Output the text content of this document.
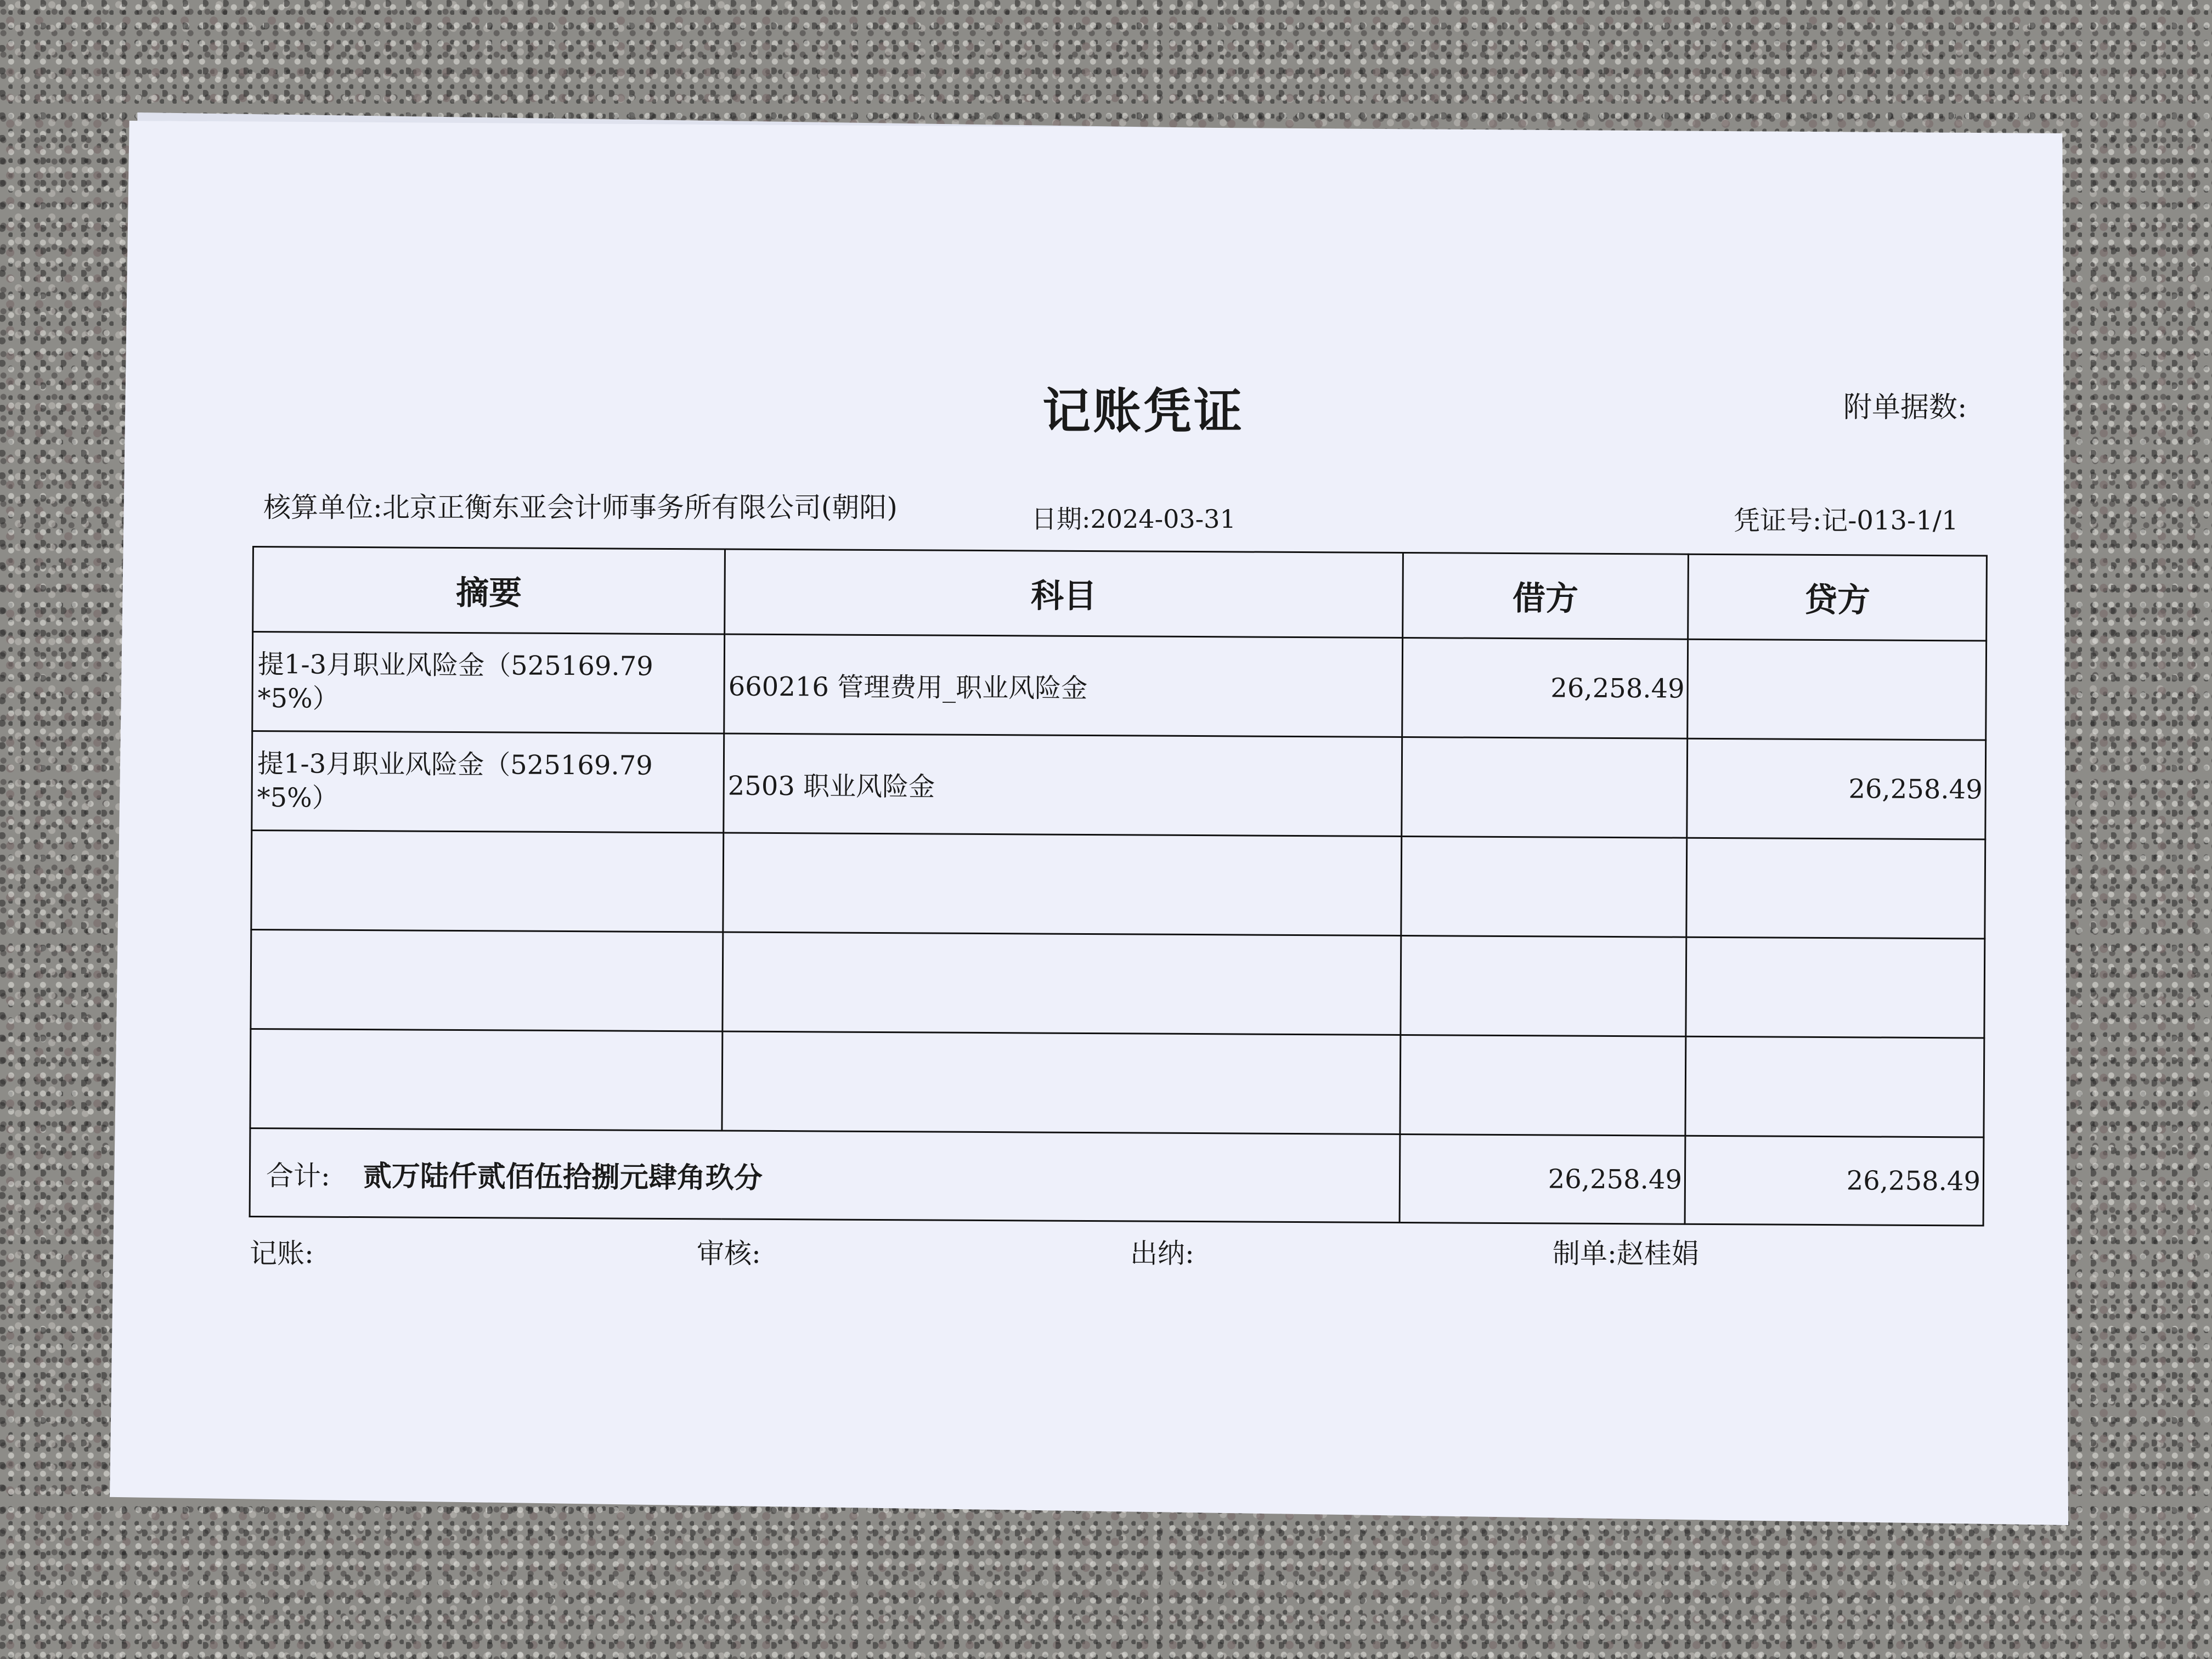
记账凭证	附单据数:
核算单位:北京正衡东亚会计师事务所有限公司(朝阳)	日期:2024-03-31	凭证号:记-013-1/1
摘要	科目	借方	贷方

提1-3月职业风险金（525169.79
*5%）	660216 管理费用_职业风险金	26,258.49	

提1-3月职业风险金（525169.79
*5%）	2503 职业风险金		26,258.49

合计: 贰万陆仟贰佰伍拾捌元肆角玖分		26,258.49	26,258.49
记账:	审核:	出纳:	制单:赵桂娟
